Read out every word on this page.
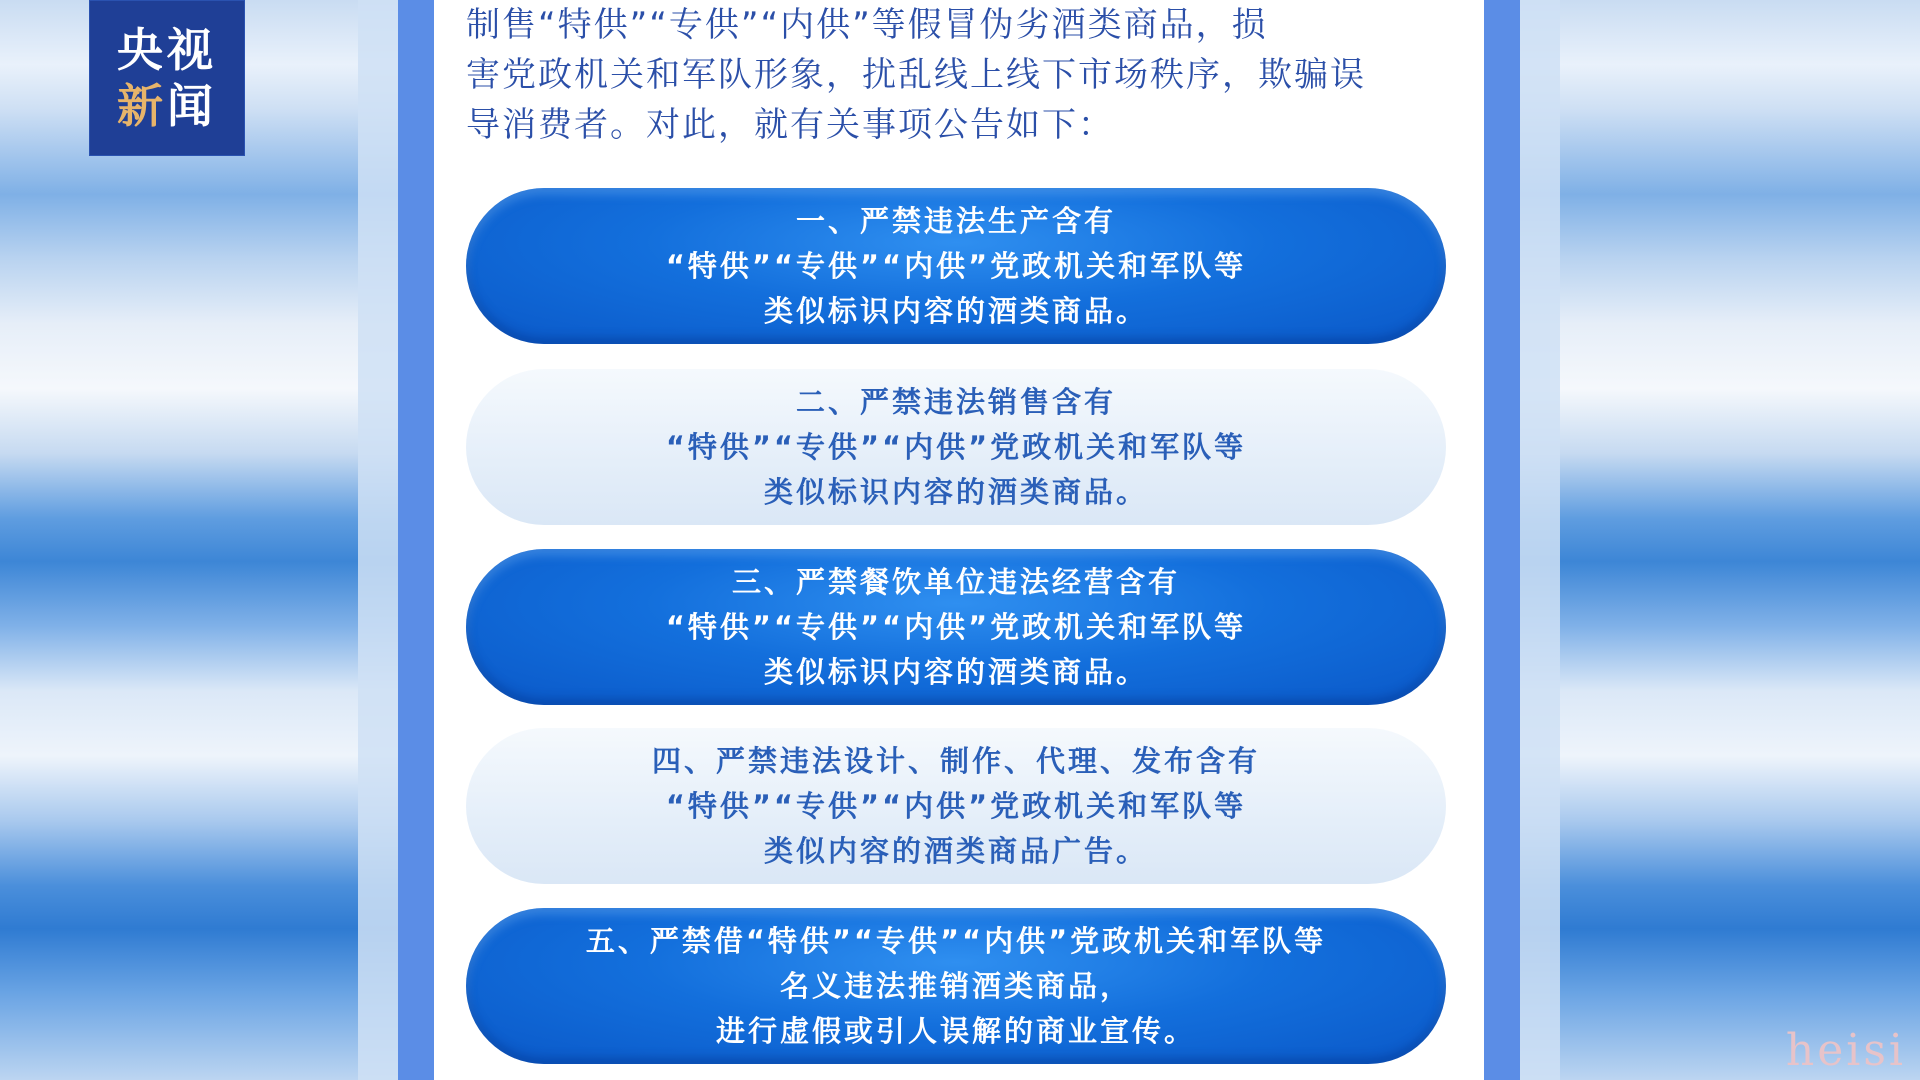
制售“特供”“专供”“内供”等假冒伪劣酒类商品，损
害党政机关和军队形象，扰乱线上线下市场秩序，欺骗误
导消费者。对此，就有关事项公告如下：
一、严禁违法生产含有
“特供”“专供”“内供”党政机关和军队等
类似标识内容的酒类商品。
二、严禁违法销售含有
“特供”“专供”“内供”党政机关和军队等
类似标识内容的酒类商品。
三、严禁餐饮单位违法经营含有
“特供”“专供”“内供”党政机关和军队等
类似标识内容的酒类商品。
四、严禁违法设计、制作、代理、发布含有
“特供”“专供”“内供”党政机关和军队等
类似内容的酒类商品广告。
五、严禁借“特供”“专供”“内供”党政机关和军队等
名义违法推销酒类商品，
进行虚假或引人误解的商业宣传。
央视
新闻
heisi
